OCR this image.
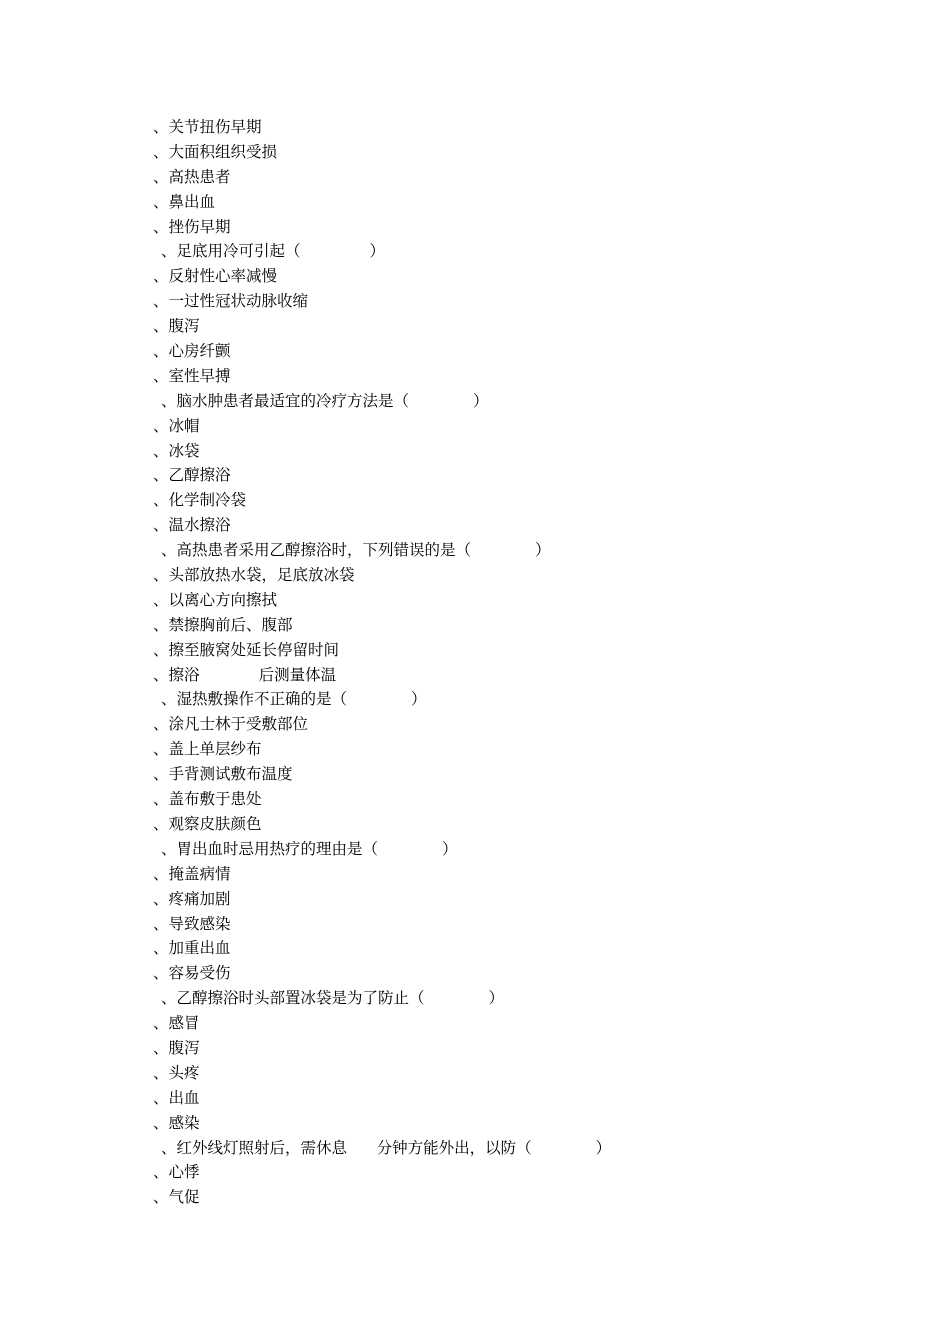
、关节扭伤早期
、大面积组织受损
、高热患者
、鼻出血
、挫伤早期
、足底用冷可引起（              ）
、反射性心率减慢
、一过性冠状动脉收缩
、腹泻
、心房纤颤
、室性早搏
、脑水肿患者最适宜的冷疗方法是（             ）
、冰帽
、冰袋
、乙醇擦浴
、化学制冷袋
、温水擦浴
、高热患者采用乙醇擦浴时，下列错误的是（             ）
、头部放热水袋，足底放冰袋
、以离心方向擦拭
、禁擦胸前后、腹部
、擦至腋窝处延长停留时间
、擦浴            后测量体温
、湿热敷操作不正确的是（             ）
、涂凡士林于受敷部位
、盖上单层纱布
、手背测试敷布温度
、盖布敷于患处
、观察皮肤颜色
、胃出血时忌用热疗的理由是（             ）
、掩盖病情
、疼痛加剧
、导致感染
、加重出血
、容易受伤
、乙醇擦浴时头部置冰袋是为了防止（             ）
、感冒
、腹泻
、头疼
、出血
、感染
、红外线灯照射后，需休息      分钟方能外出，以防（             ）
、心悸
、气促
